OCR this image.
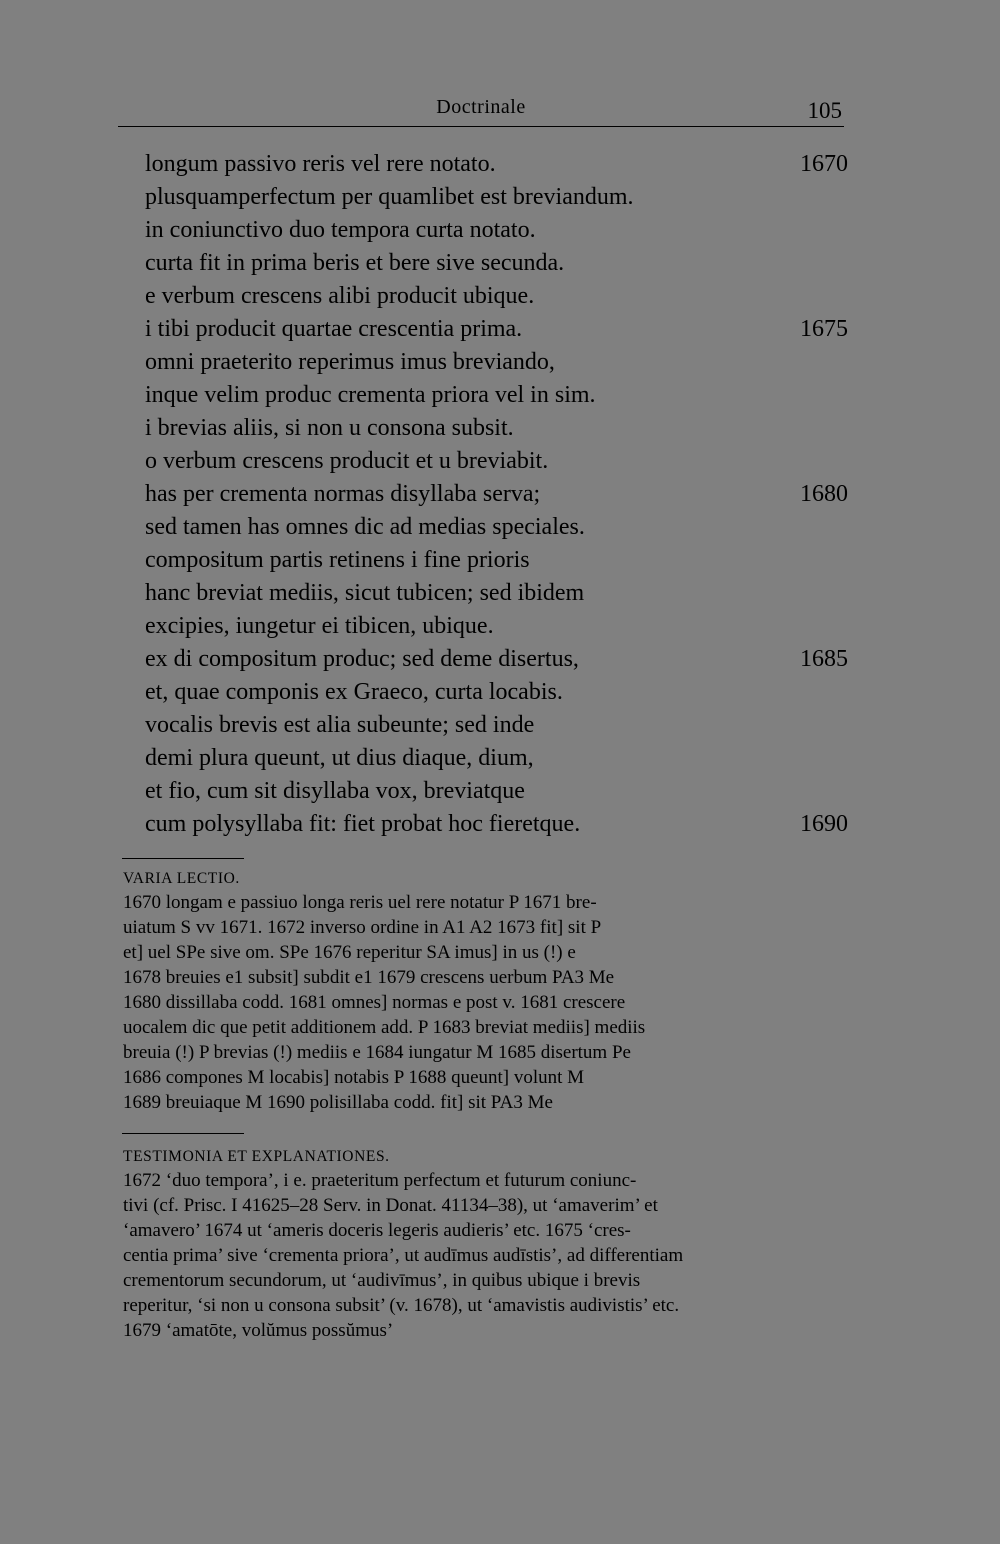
Doctrinale	105
longum passivo reris vel rere notato.	1670
plusquamperfectum per quamlibet est breviandum.
in coniunctivo duo tempora curta notato.
curta fit in prima beris et bere sive secunda.
e verbum crescens alibi producit ubique.
i tibi producit quartae crescentia prima.	1675
omni praeterito reperimus imus breviando,
inque velim produc crementa priora vel in sim.
i brevias aliis, si non u consona subsit.
o verbum crescens producit et u breviabit.
has per crementa normas disyllaba serva;	1680
sed tamen has omnes dic ad medias speciales.
compositum partis retinens i fine prioris
hanc breviat mediis, sicut tubicen; sed ibidem
excipies, iungetur ei tibicen, ubique.
ex di compositum produc; sed deme disertus,	1685
et, quae componis ex Graeco, curta locabis.
vocalis brevis est alia subeunte; sed inde
demi plura queunt, ut dius diaque, dium,
et fio, cum sit disyllaba vox, breviatque
cum polysyllaba fit: fiet probat hoc fieretque.	1690
VARIA LECTIO.
1670 longam e passiuo longa reris uel rere notatur P 1671 bre-
uiatum S vv 1671. 1672 inverso ordine in A1 A2 1673 fit] sit P
et] uel SPe sive om. SPe 1676 reperitur SA imus] in us (!) e
1678 breuies e1 subsit] subdit e1 1679 crescens uerbum PA3 Me
1680 dissillaba codd. 1681 omnes] normas e post v. 1681 crescere
uocalem dic que petit additionem add. P 1683 breviat mediis] mediis
breuia (!) P brevias (!) mediis e 1684 iungatur M 1685 disertum Pe
1686 compones M locabis] notabis P 1688 queunt] volunt M
1689 breuiaque M 1690 polisillaba codd. fit] sit PA3 Me
TESTIMONIA ET EXPLANATIONES.
1672 ‘duo tempora’, i e. praeteritum perfectum et futurum coniunc-
tivi (cf. Prisc. I 41625–28 Serv. in Donat. 41134–38), ut ‘amaverim’ et
‘amavero’ 1674 ut ‘ameris doceris legeris audieris’ etc. 1675 ‘cres-
centia prima’ sive ‘crementa priora’, ut audīmus audīstis’, ad differentiam
crementorum secundorum, ut ‘audivīmus’, in quibus ubique i brevis
reperitur, ‘si non u consona subsit’ (v. 1678), ut ‘amavistis audivistis’ etc.
1679 ‘amatōte, volŭmus possŭmus’
